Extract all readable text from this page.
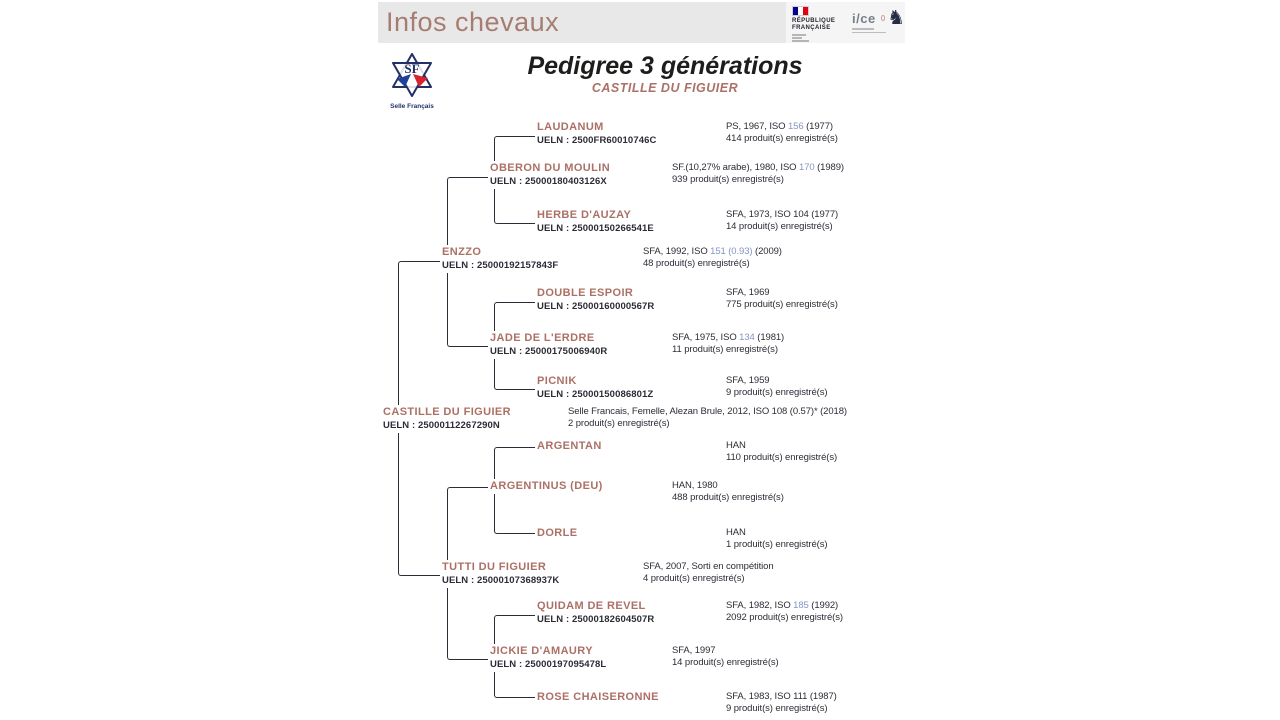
Infos chevaux	RÉPUBLIQUE
FRANÇAISE
i/ce ♞
SF
Selle Français
Pedigree 3 générations
CASTILLE DU FIGUIER
CASTILLE DU FIGUIER
UELN : 25000112267290N
Selle Francais, Femelle, Alezan Brule, 2012, ISO 108 (0.57)* (2018)
2 produit(s) enregistré(s)
ENZZO
UELN : 25000192157843F
SFA, 1992, ISO 151 (0.93) (2009)
48 produit(s) enregistré(s)
TUTTI DU FIGUIER
UELN : 25000107368937K
SFA, 2007, Sorti en compétition
4 produit(s) enregistré(s)
OBERON DU MOULIN
UELN : 25000180403126X
SF.(10,27% arabe), 1980, ISO 170 (1989)
939 produit(s) enregistré(s)
JADE DE L'ERDRE
UELN : 25000175006940R
SFA, 1975, ISO 134 (1981)
11 produit(s) enregistré(s)
ARGENTINUS (DEU)	HAN, 1980
488 produit(s) enregistré(s)
JICKIE D'AMAURY
UELN : 25000197095478L
SFA, 1997
14 produit(s) enregistré(s)
LAUDANUM
UELN : 2500FR60010746C
PS, 1967, ISO 156 (1977)
414 produit(s) enregistré(s)
HERBE D'AUZAY
UELN : 25000150266541E
SFA, 1973, ISO 104 (1977)
14 produit(s) enregistré(s)
DOUBLE ESPOIR
UELN : 25000160000567R
SFA, 1969
775 produit(s) enregistré(s)
PICNIK
UELN : 25000150086801Z
SFA, 1959
9 produit(s) enregistré(s)
ARGENTAN	HAN
110 produit(s) enregistré(s)
DORLE	HAN
1 produit(s) enregistré(s)
QUIDAM DE REVEL
UELN : 25000182604507R
SFA, 1982, ISO 185 (1992)
2092 produit(s) enregistré(s)
ROSE CHAISERONNE	SFA, 1983, ISO 111 (1987)
9 produit(s) enregistré(s)
